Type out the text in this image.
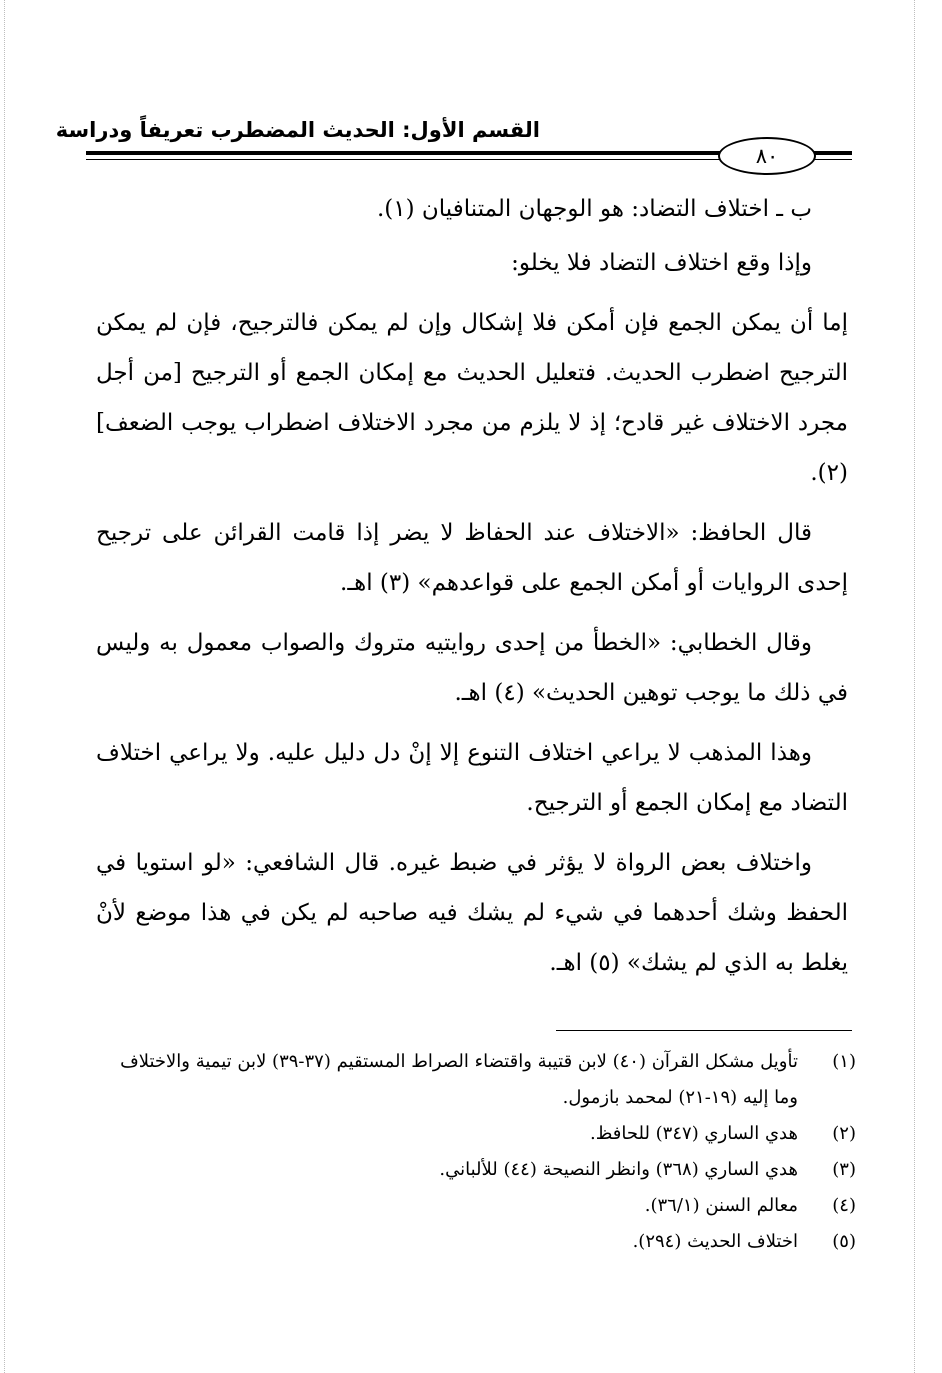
القسم الأول: الحديث المضطرب تعريفاً ودراسة
٨٠

ب ـ اختلاف التضاد: هو الوجهان المتنافيان (١).

وإذا وقع اختلاف التضاد فلا يخلو:

إما أن يمكن الجمع فإن أمكن فلا إشكال وإن لم يمكن فالترجيح، فإن لم يمكن الترجيح اضطرب الحديث. فتعليل الحديث مع إمكان الجمع أو الترجيح [من أجل مجرد الاختلاف غير قادح؛ إذ لا يلزم من مجرد الاختلاف اضطراب يوجب الضعف](٢).

قال الحافظ: «الاختلاف عند الحفاظ لا يضر إذا قامت القرائن على ترجيح إحدى الروايات أو أمكن الجمع على قواعدهم» (٣) اهـ.

وقال الخطابي: «الخطأ من إحدى روايتيه متروك والصواب معمول به وليس في ذلك ما يوجب توهين الحديث» (٤) اهـ.

وهذا المذهب لا يراعي اختلاف التنوع إلا إنْ دل دليل عليه. ولا يراعي اختلاف التضاد مع إمكان الجمع أو الترجيح.

واختلاف بعض الرواة لا يؤثر في ضبط غيره. قال الشافعي: «لو استويا في الحفظ وشك أحدهما في شيء لم يشك فيه صاحبه لم يكن في هذا موضع لأنْ يغلط به الذي لم يشك» (٥) اهـ.

(١)
تأويل مشكل القرآن (٤٠) لابن قتيبة واقتضاء الصراط المستقيم (٣٧-٣٩) لابن تيمية والاختلاف وما إليه (١٩-٢١) لمحمد بازمول.
(٢)
هدي الساري (٣٤٧) للحافظ.
(٣)
هدي الساري (٣٦٨) وانظر النصيحة (٤٤) للألباني.
(٤)
معالم السنن (٣٦/١).
(٥)
اختلاف الحديث (٢٩٤).
